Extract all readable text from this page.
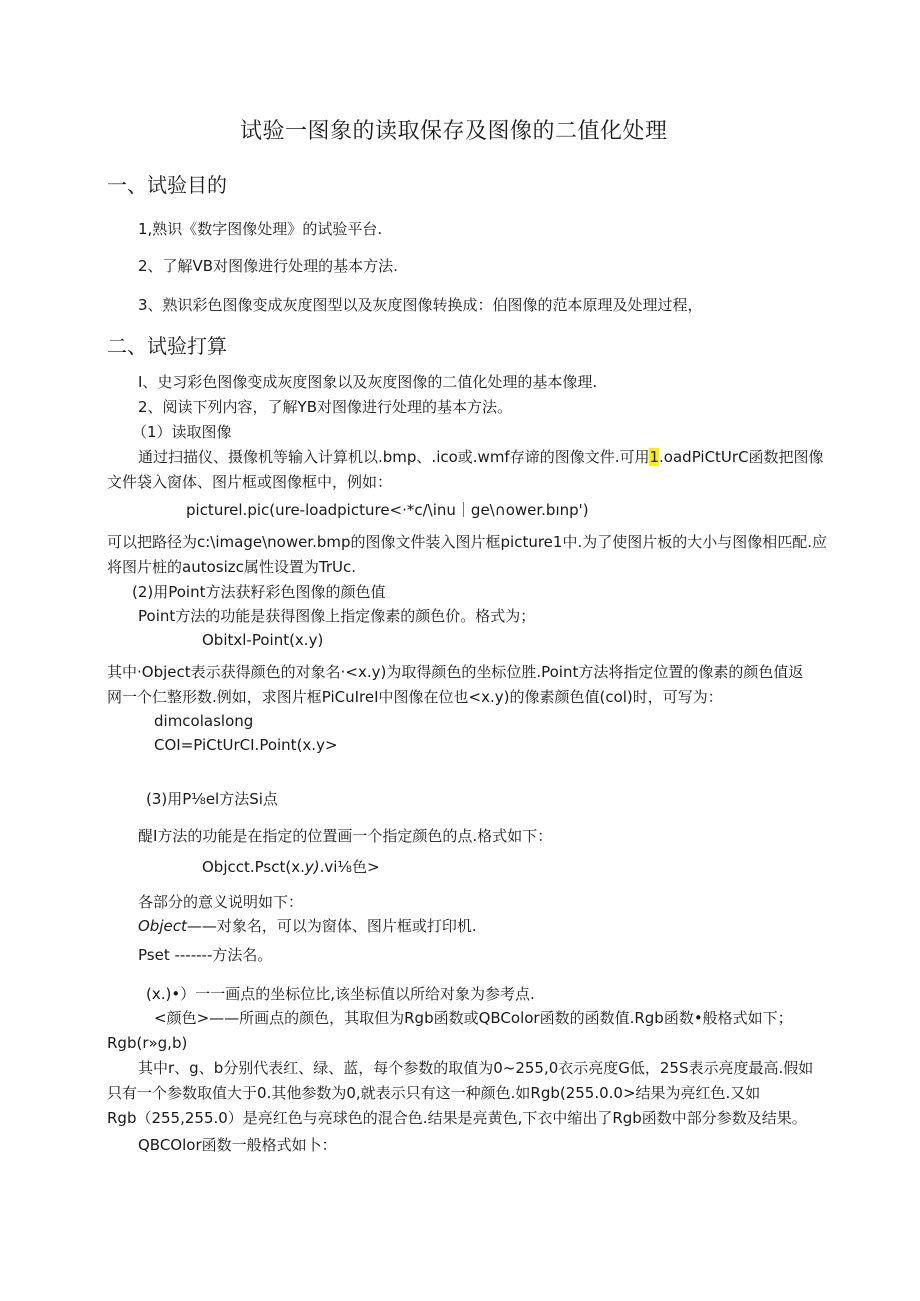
试验一图象的读取保存及图像的二值化处理
一、试验目的
1,熟识《数字图像处理》的试验平台.
2、了解VB对图像进行处理的基本方法.
3、熟识彩色图像变成灰度图型以及灰度图像转换成：伯图像的范本原理及处理过程，
二、试验打算
I、史习彩色图像变成灰度图象以及灰度图像的二值化处理的基本像理.
2、阅读下列内容，了解YB对图像进行处理的基本方法。
（1）读取图像
通过扫描仪、摄像机等输入计算机以.bmp、.ico或.wmf存谛的图像文件.可用1.oadPiCtUrC函数把图像
文件袋入窗体、图片框或图像框中，例如：
picturel.pic(ure-loadpicture<·*c/\inu｜ge\∩ower.bınp')
可以把路径为c:\image\nower.bmp的图像文件装入图片框picture1中.为了使图片板的大小与图像相匹配.应
将图片桩的autosizc属性设置为TrUc.
(2)用Point方法获籽彩色图像的颜色值
Point方法的功能是获得图像上指定像素的颜色价。格式为；
Obitxl-Point(x.y)
其中·Object表示获得颜色的对象名·<x.y)为取得颜色的坐标位胜.Point方法将指定位置的像素的颜色值返
网一个仁整形数.例如，求图片框PiCuIreI中图像在位也<x.y)的像素颜色值(col)时，可写为：
dimcolaslong
COI=PiCtUrCI.Point(x.y>
(3)用P⅛el方法Si点
醍I方法的功能是在指定的位置画一个指定颜色的点.格式如下：
Objcct.Psct(x.y).vi⅛色>
各部分的意义说明如下：
Object——对象名，可以为窗体、图片框或打印机.
Pset -------方法名。
(x.)•）一一画点的坐标位比,该坐标值以所给对象为参考点.
<颜色>——所画点的颜色，其取但为Rgb函数或QBColor函数的函数值.Rgb函数•般格式如下；
Rgb(r»g,b)
其中r、g、b分别代表红、绿、蓝，每个参数的取值为0~255,0衣示亮度G低，25S表示亮度最高.假如
只有一个参数取值大于0.其他参数为0,就表示只有这一种颜色.如Rgb(255.0.0>结果为亮红色.又如
Rgb（255,255.0）是亮红色与亮球色的混合色.结果是亮黄色,下衣中缩出了Rgb函数中部分参数及结果。
QBCOlor函数一般格式如卜：
